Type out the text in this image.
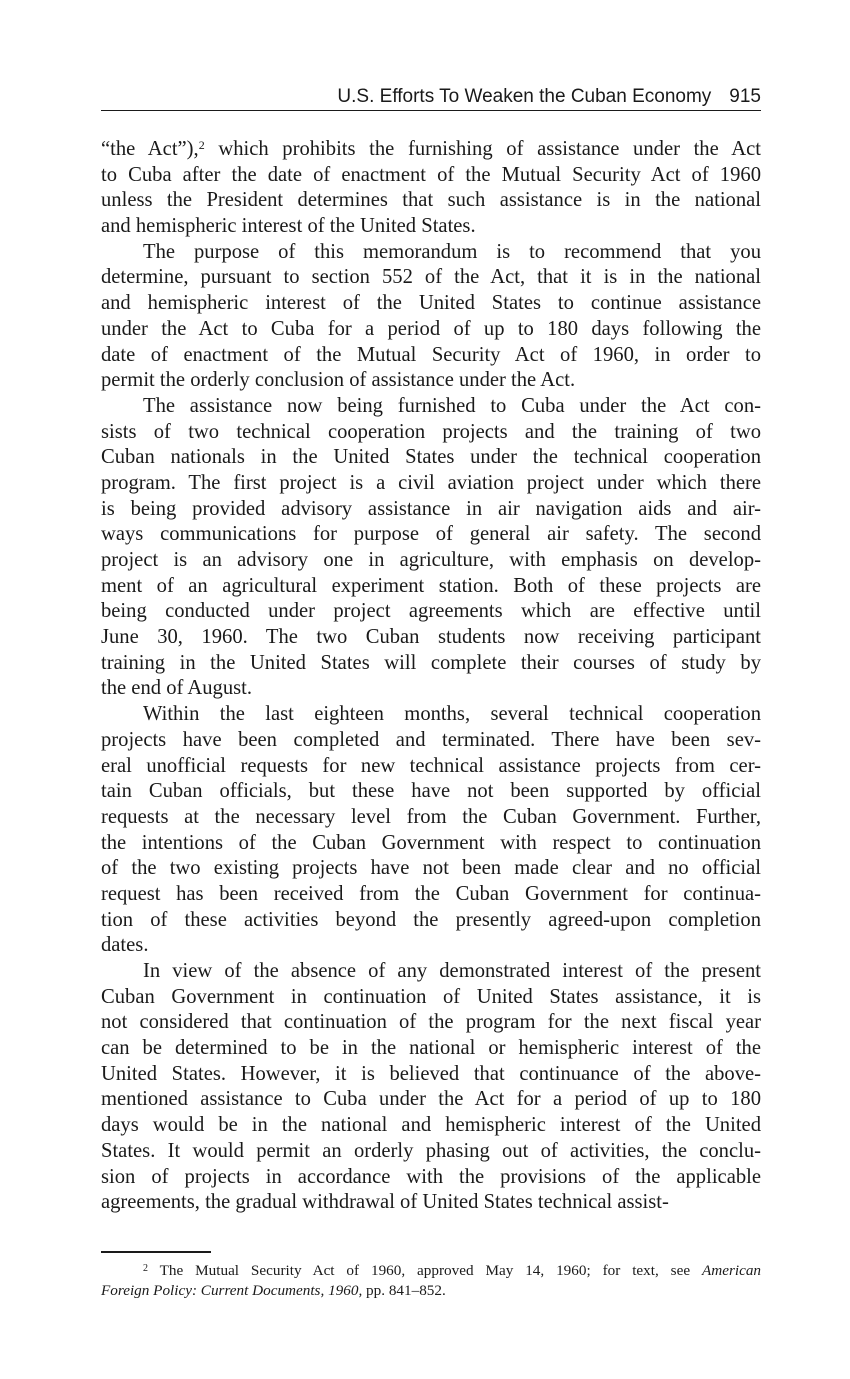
U.S. Efforts To Weaken the Cuban Economy 915
“the Act”),$^2$ which prohibits the furnishing of assistance under the Act
to Cuba after the date of enactment of the Mutual Security Act of 1960
unless the President determines that such assistance is in the national
and hemispheric interest of the United States.
The purpose of this memorandum is to recommend that you
determine, pursuant to section 552 of the Act, that it is in the national
and hemispheric interest of the United States to continue assistance
under the Act to Cuba for a period of up to 180 days following the
date of enactment of the Mutual Security Act of 1960, in order to
permit the orderly conclusion of assistance under the Act.
The assistance now being furnished to Cuba under the Act con-
sists of two technical cooperation projects and the training of two
Cuban nationals in the United States under the technical cooperation
program. The first project is a civil aviation project under which there
is being provided advisory assistance in air navigation aids and air-
ways communications for purpose of general air safety. The second
project is an advisory one in agriculture, with emphasis on develop-
ment of an agricultural experiment station. Both of these projects are
being conducted under project agreements which are effective until
June 30, 1960. The two Cuban students now receiving participant
training in the United States will complete their courses of study by
the end of August.
Within the last eighteen months, several technical cooperation
projects have been completed and terminated. There have been sev-
eral unofficial requests for new technical assistance projects from cer-
tain Cuban officials, but these have not been supported by official
requests at the necessary level from the Cuban Government. Further,
the intentions of the Cuban Government with respect to continuation
of the two existing projects have not been made clear and no official
request has been received from the Cuban Government for continua-
tion of these activities beyond the presently agreed-upon completion
dates.
In view of the absence of any demonstrated interest of the present
Cuban Government in continuation of United States assistance, it is
not considered that continuation of the program for the next fiscal year
can be determined to be in the national or hemispheric interest of the
United States. However, it is believed that continuance of the above-
mentioned assistance to Cuba under the Act for a period of up to 180
days would be in the national and hemispheric interest of the United
States. It would permit an orderly phasing out of activities, the conclu-
sion of projects in accordance with the provisions of the applicable
agreements, the gradual withdrawal of United States technical assist-
$^2$ The Mutual Security Act of 1960, approved May 14, 1960; for text, see American
Foreign Policy: Current Documents, 1960, pp. 841–852.
